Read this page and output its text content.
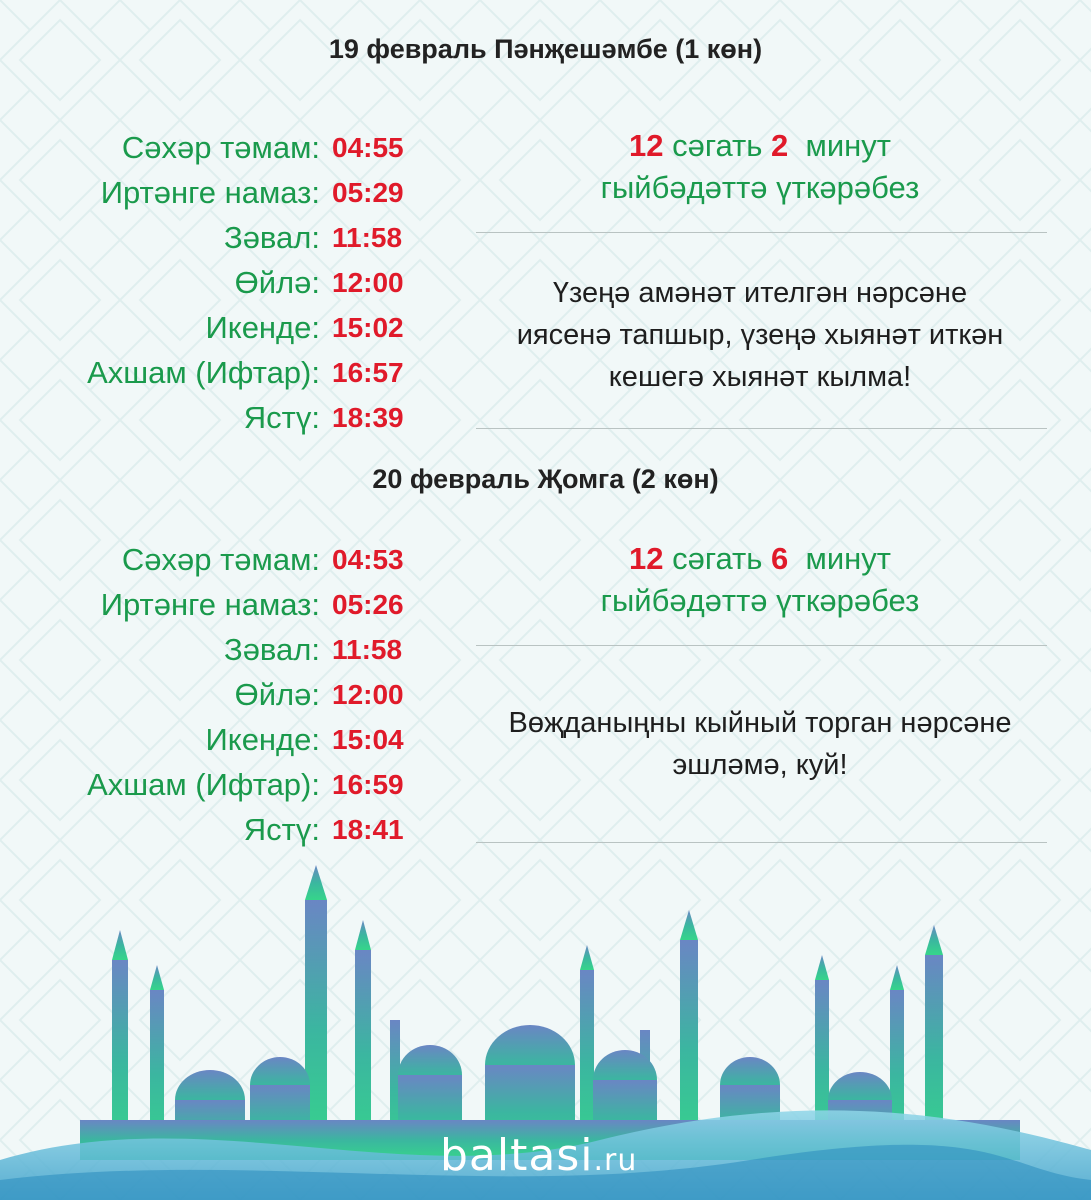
19 февраль Пәнҗешәмбе (1 көн)
Сәхәр тәмам: 04:55
Иртәнге намаз: 05:29
Зәвал: 11:58
Өйлә: 12:00
Икенде: 15:02
Ахшам (Ифтар): 16:57
Ястү: 18:39
12 сәгать 2 минут
гыйбәдәттә үткәрәбез
Үзеңә амәнәт ителгән нәрсәне
иясенә тапшыр, үзеңә хыянәт иткән
кешегә хыянәт кылма!
20 февраль Җомга (2 көн)
Сәхәр тәмам: 04:53
Иртәнге намаз: 05:26
Зәвал: 11:58
Өйлә: 12:00
Икенде: 15:04
Ахшам (Ифтар): 16:59
Ястү: 18:41
12 сәгать 6 минут
гыйбәдәттә үткәрәбез
Вөҗданыңны кыйный торган нәрсәне
эшләмә, куй!
baltasi.ru
